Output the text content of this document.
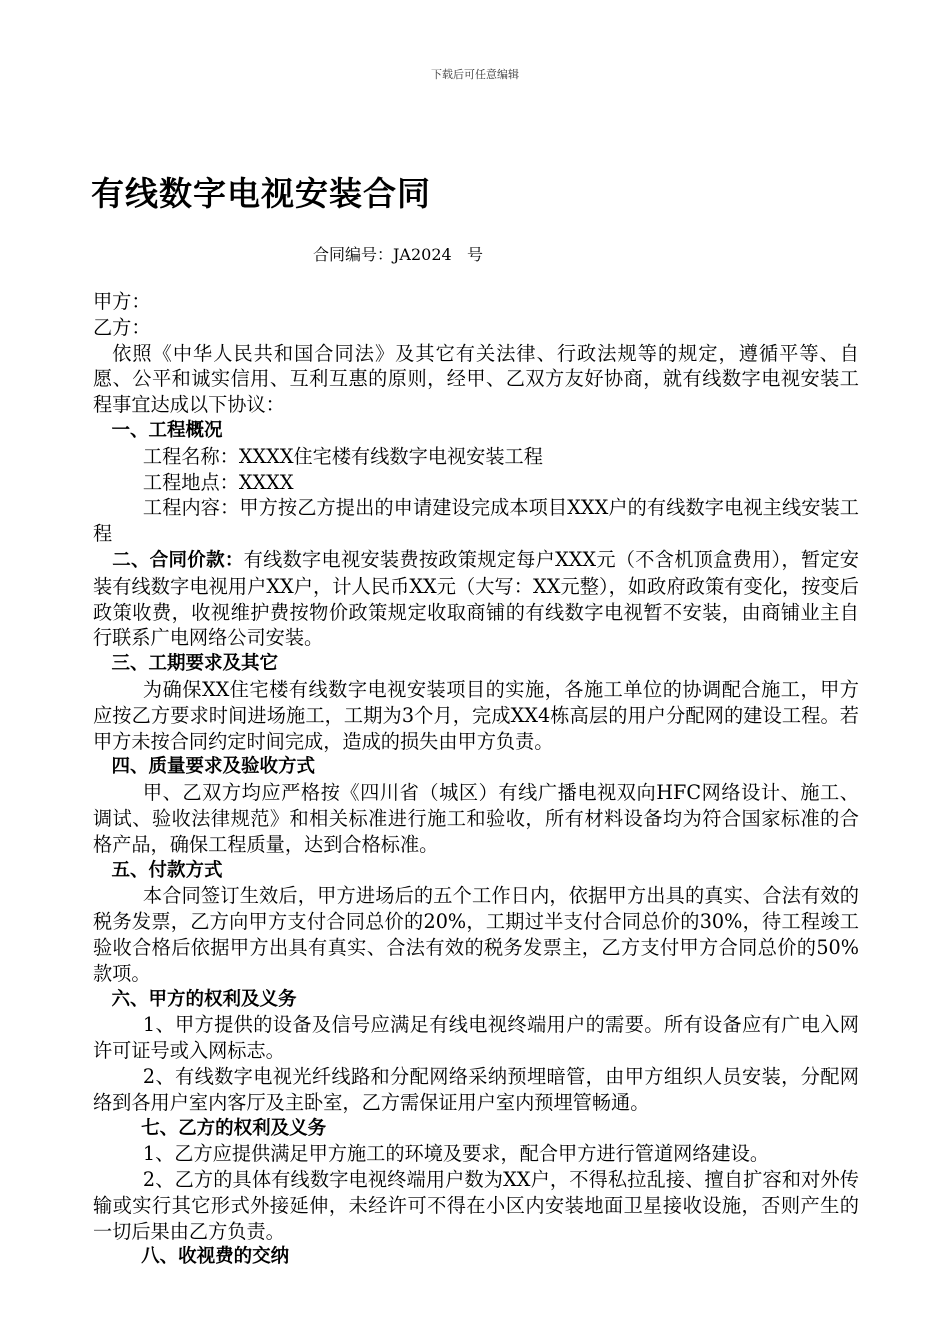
下载后可任意编辑
有线数字电视安装合同
合同编号：JA2024   号

甲方：

乙方：

依照《中华人民共和国合同法》及其它有关法律、行政法规等的规定，遵循平等、自愿、公平和诚实信用、互利互惠的原则，经甲、乙双方友好协商，就有线数字电视安装工程事宜达成以下协议：

一、工程概况

工程名称：XXXX住宅楼有线数字电视安装工程

工程地点：XXXX

工程内容：甲方按乙方提出的申请建设完成本项目XXX户的有线数字电视主线安装工程

二、合同价款：有线数字电视安装费按政策规定每户XXX元（不含机顶盒费用），暂定安装有线数字电视用户XX户，计人民币XX元（大写：XX元整），如政府政策有变化，按变后政策收费，收视维护费按物价政策规定收取商铺的有线数字电视暂不安装，由商铺业主自行联系广电网络公司安装。

三、工期要求及其它

为确保XX住宅楼有线数字电视安装项目的实施，各施工单位的协调配合施工，甲方应按乙方要求时间进场施工，工期为3个月，完成XX4栋高层的用户分配网的建设工程。若甲方未按合同约定时间完成，造成的损失由甲方负责。

四、质量要求及验收方式

甲、乙双方均应严格按《四川省（城区）有线广播电视双向HFC网络设计、施工、调试、验收法律规范》和相关标准进行施工和验收，所有材料设备均为符合国家标准的合格产品，确保工程质量，达到合格标准。

五、付款方式

本合同签订生效后，甲方进场后的五个工作日内，依据甲方出具的真实、合法有效的税务发票，乙方向甲方支付合同总价的20%，工期过半支付合同总价的30%，待工程竣工验收合格后依据甲方出具有真实、合法有效的税务发票主，乙方支付甲方合同总价的50%款项。

六、甲方的权利及义务

1、甲方提供的设备及信号应满足有线电视终端用户的需要。所有设备应有广电入网许可证号或入网标志。

2、有线数字电视光纤线路和分配网络采纳预埋暗管，由甲方组织人员安装，分配网络到各用户室内客厅及主卧室，乙方需保证用户室内预埋管畅通。

七、乙方的权利及义务

1、乙方应提供满足甲方施工的环境及要求，配合甲方进行管道网络建设。

2、乙方的具体有线数字电视终端用户数为XX户，不得私拉乱接、擅自扩容和对外传输或实行其它形式外接延伸，未经许可不得在小区内安装地面卫星接收设施，否则产生的一切后果由乙方负责。

八、收视费的交纳
